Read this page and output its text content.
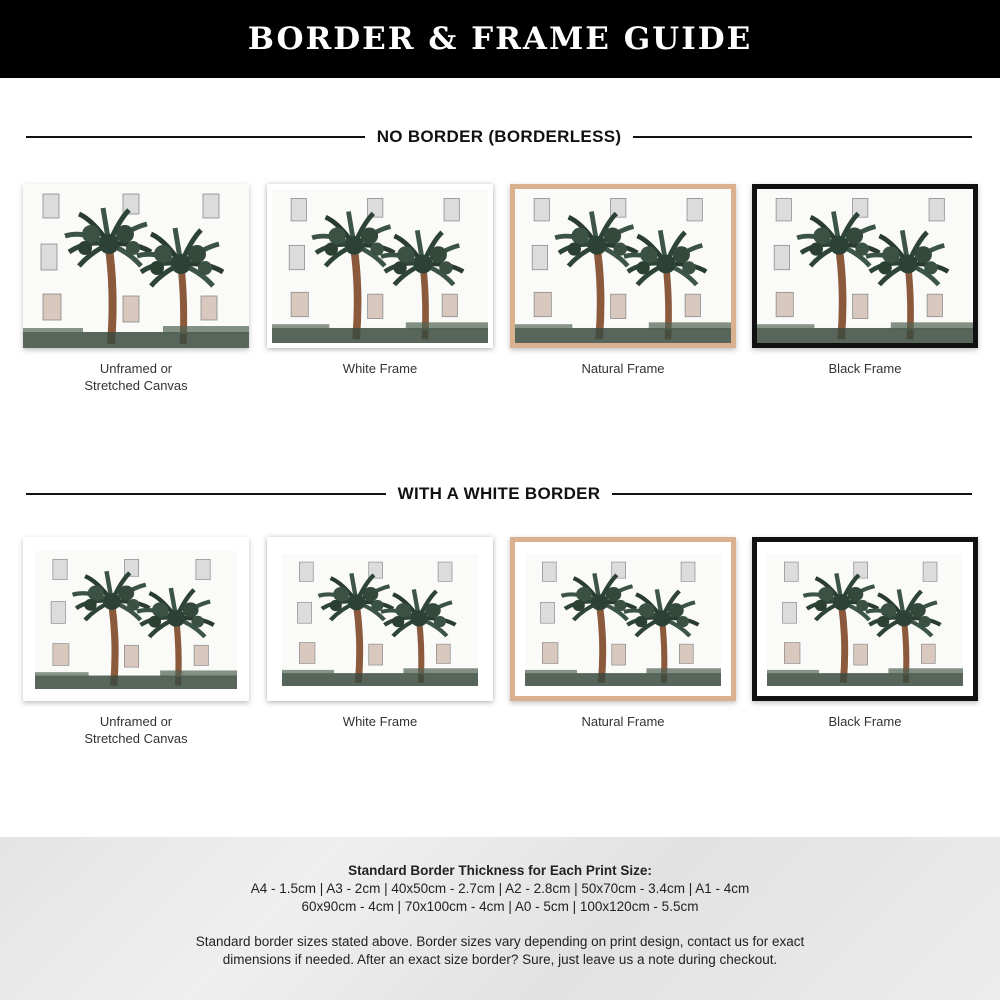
BORDER & FRAME GUIDE
NO BORDER (BORDERLESS)
Unframed or
Stretched Canvas
White Frame	Natural Frame	Black Frame
WITH A WHITE BORDER
Unframed or
Stretched Canvas
White Frame	Natural Frame	Black Frame
Standard Border Thickness for Each Print Size:
A4 - 1.5cm | A3 - 2cm | 40x50cm - 2.7cm | A2 - 2.8cm | 50x70cm - 3.4cm | A1 - 4cm
60x90cm - 4cm | 70x100cm - 4cm | A0 - 5cm | 100x120cm - 5.5cm
Standard border sizes stated above. Border sizes vary depending on print design, contact us for exact
dimensions if needed. After an exact size border? Sure, just leave us a note during checkout.
